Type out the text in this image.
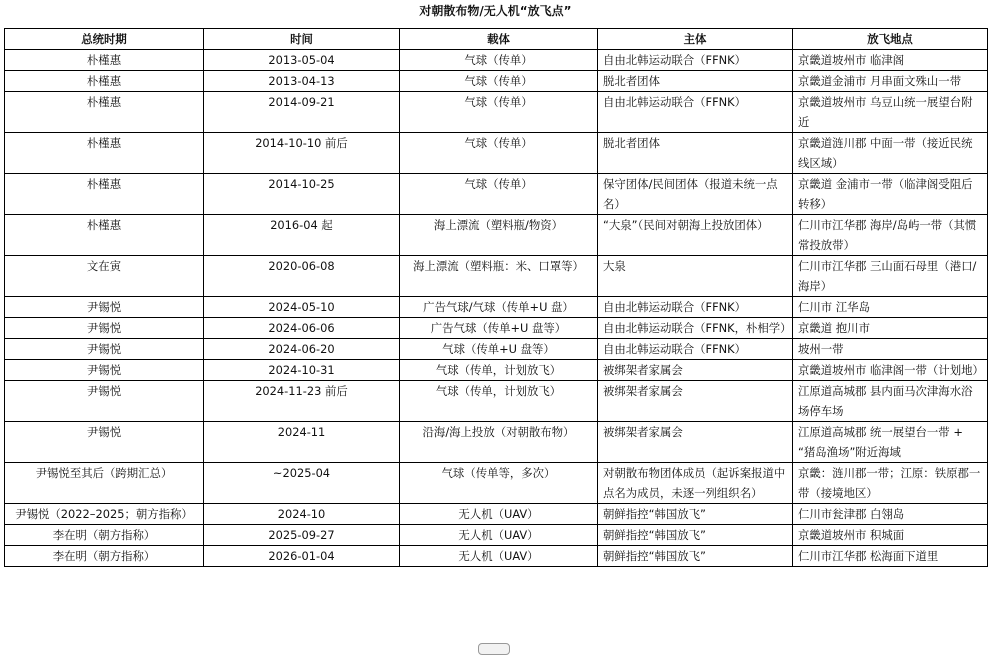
对朝散布物/无人机“放飞点”
总统时期	时间	载体	主体	放飞地点
朴槿惠	2013-05-04	气球（传单）	自由北韩运动联合（FFNK）	京畿道坡州市 临津阁
朴槿惠	2013-04-13	气球（传单）	脱北者团体	京畿道金浦市 月串面文殊山一带
朴槿惠	2014-09-21	气球（传单）	自由北韩运动联合（FFNK）	京畿道坡州市 乌豆山统一展望台附近
朴槿惠	2014-10-10 前后	气球（传单）	脱北者团体	京畿道涟川郡 中面一带（接近民统线区域）
朴槿惠	2014-10-25	气球（传单）	保守团体/民间团体（报道未统一点名）	京畿道 金浦市一带（临津阁受阻后转移）
朴槿惠	2016-04 起	海上漂流（塑料瓶/物资）	“大泉”（民间对朝海上投放团体）	仁川市江华郡 海岸/岛屿一带（其惯常投放带）
文在寅	2020-06-08	海上漂流（塑料瓶：米、口罩等）	大泉	仁川市江华郡 三山面石母里（港口/海岸）
尹锡悦	2024-05-10	广告气球/气球（传单+U 盘）	自由北韩运动联合（FFNK）	仁川市 江华岛
尹锡悦	2024-06-06	广告气球（传单+U 盘等）	自由北韩运动联合（FFNK，朴相学）	京畿道 抱川市
尹锡悦	2024-06-20	气球（传单+U 盘等）	自由北韩运动联合（FFNK）	坡州一带
尹锡悦	2024-10-31	气球（传单，计划放飞）	被绑架者家属会	京畿道坡州市 临津阁一带（计划地）
尹锡悦	2024-11-23 前后	气球（传单，计划放飞）	被绑架者家属会	江原道高城郡 县内面马次津海水浴场停车场
尹锡悦	2024-11	沿海/海上投放（对朝散布物）	被绑架者家属会	江原道高城郡 统一展望台一带 + “猪岛渔场”附近海域
尹锡悦至其后（跨期汇总）	~2025-04	气球（传单等，多次）	对朝散布物团体成员（起诉案报道中点名为成员，未逐一列组织名）	京畿：涟川郡一带；江原：铁原郡一带（接境地区）
尹锡悦（2022–2025；朝方指称）	2024-10	无人机（UAV）	朝鲜指控“韩国放飞”	仁川市瓮津郡 白翎岛
李在明（朝方指称）	2025-09-27	无人机（UAV）	朝鲜指控“韩国放飞”	京畿道坡州市 积城面
李在明（朝方指称）	2026-01-04	无人机（UAV）	朝鲜指控“韩国放飞”	仁川市江华郡 松海面下道里
